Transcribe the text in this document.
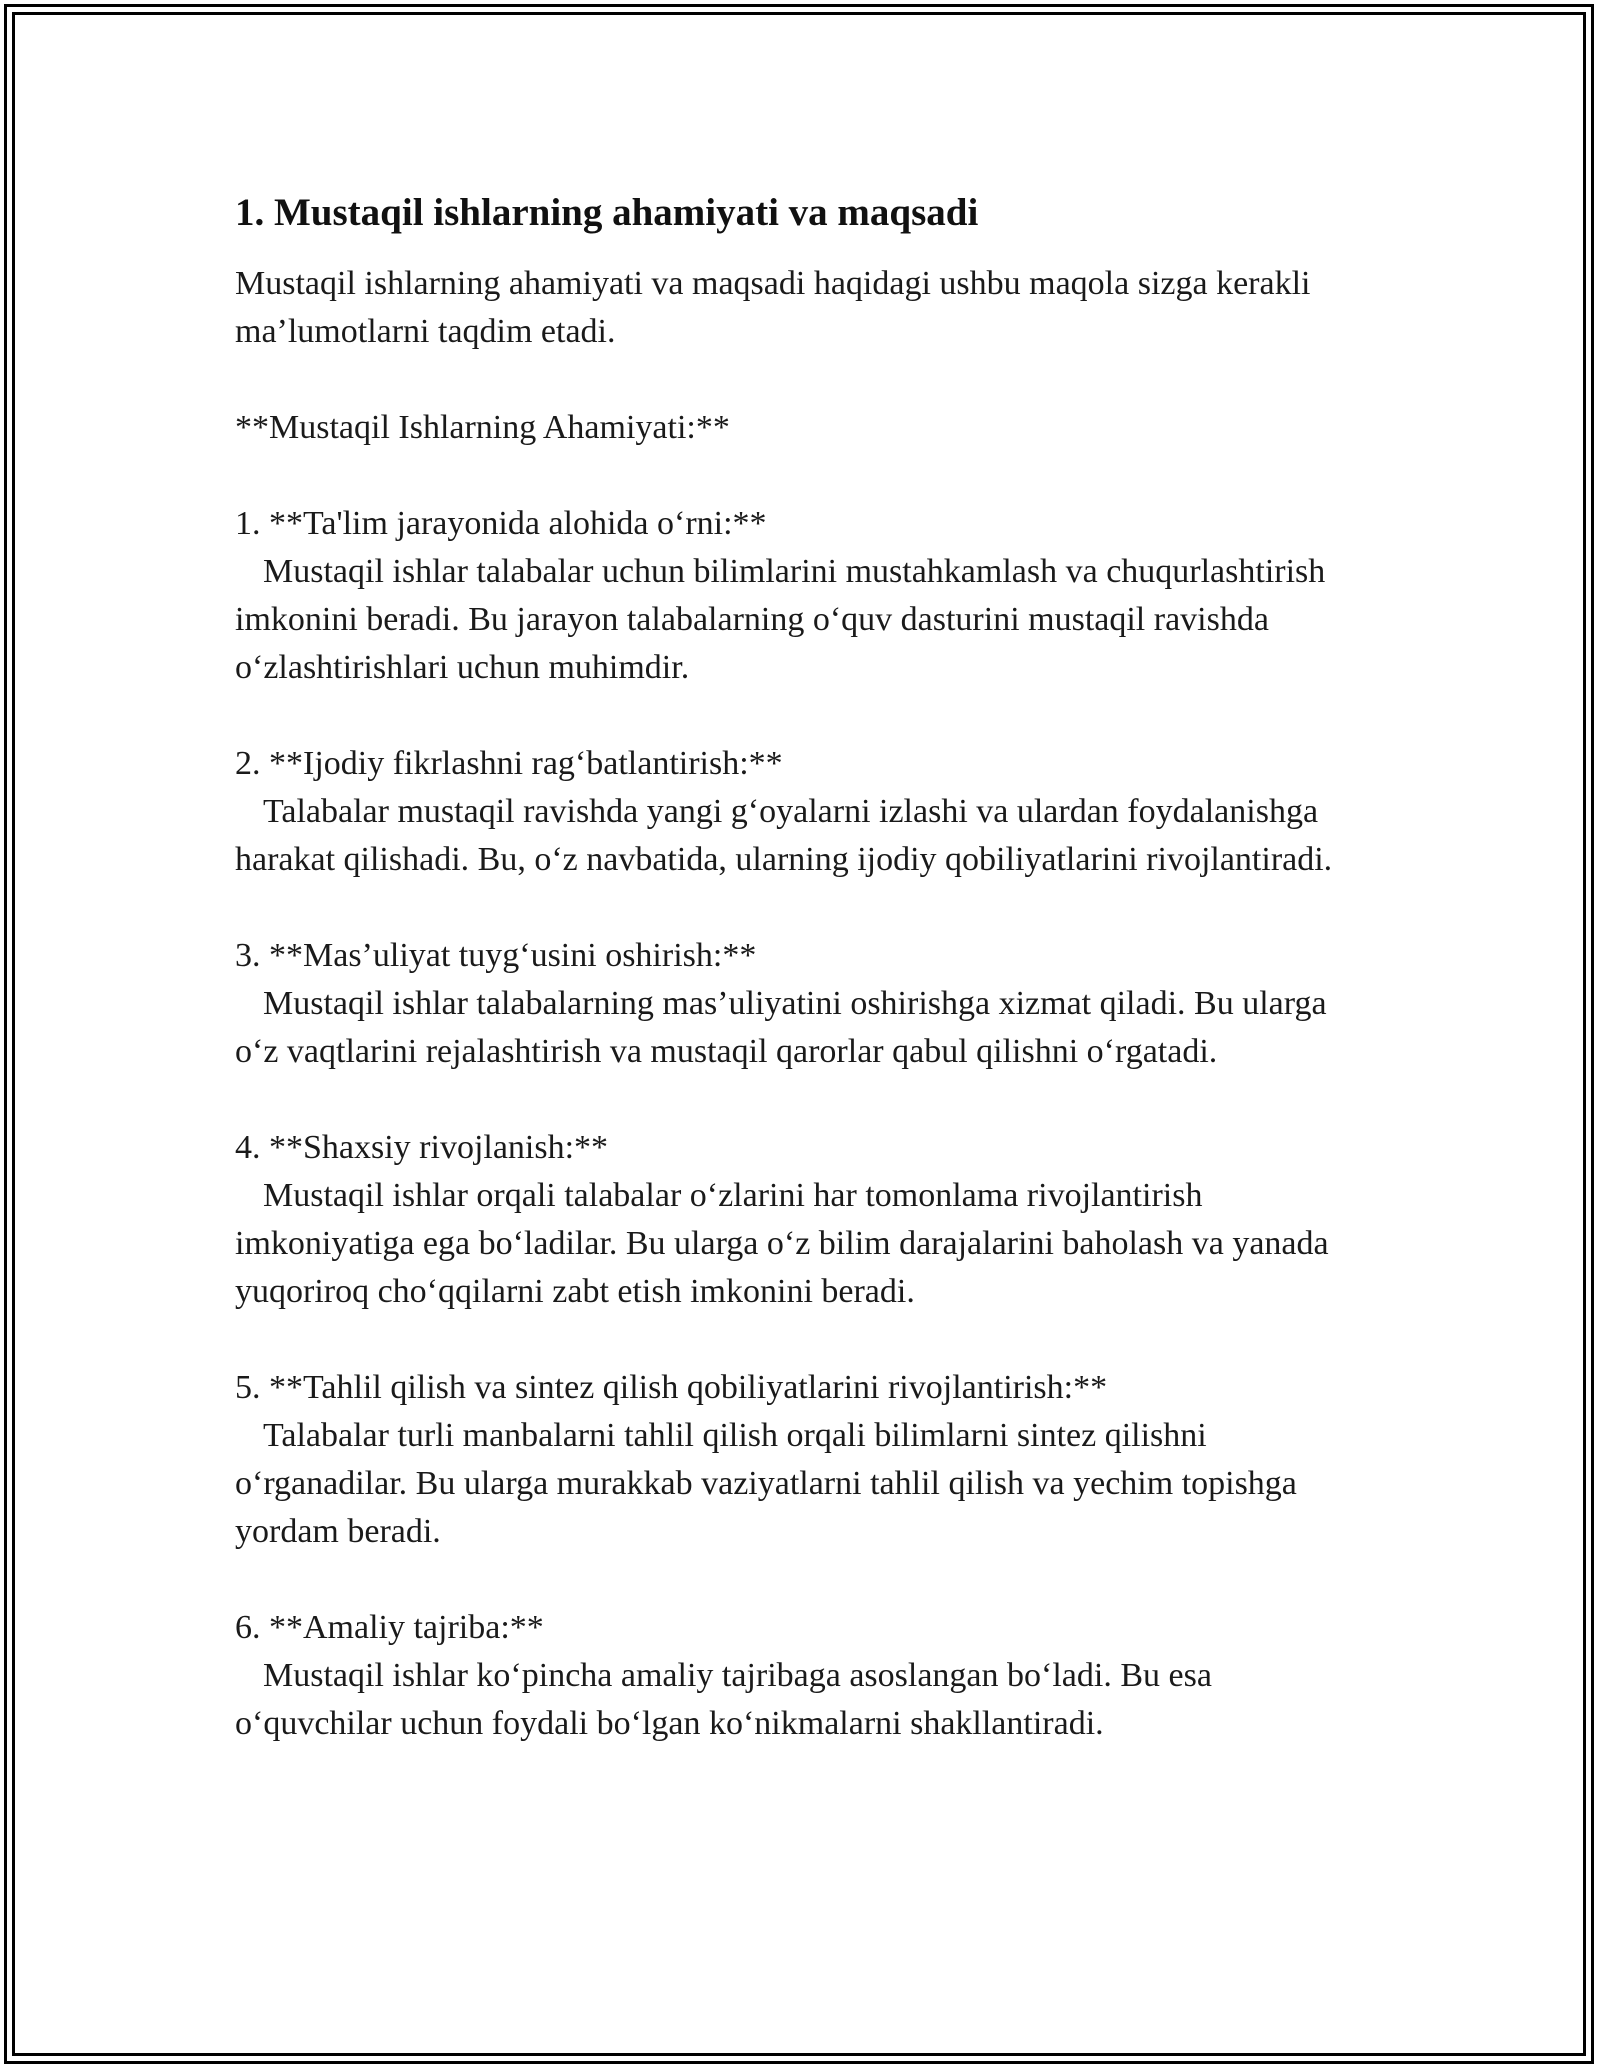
1. Mustaqil ishlarning ahamiyati va maqsadi

Mustaqil ishlarning ahamiyati va maqsadi haqidagi ushbu maqola sizga kerakli ma’lumotlarni taqdim etadi.

**Mustaqil Ishlarning Ahamiyati:**

1. **Ta'lim jarayonida alohida o‘rni:**

Mustaqil ishlar talabalar uchun bilimlarini mustahkamlash va chuqurlashtirish imkonini beradi. Bu jarayon talabalarning o‘quv dasturini mustaqil ravishda o‘zlashtirishlari uchun muhimdir.

2. **Ijodiy fikrlashni rag‘batlantirish:**

Talabalar mustaqil ravishda yangi g‘oyalarni izlashi va ulardan foydalanishga harakat qilishadi. Bu, o‘z navbatida, ularning ijodiy qobiliyatlarini rivojlantiradi.

3. **Mas’uliyat tuyg‘usini oshirish:**

Mustaqil ishlar talabalarning mas’uliyatini oshirishga xizmat qiladi. Bu ularga o‘z vaqtlarini rejalashtirish va mustaqil qarorlar qabul qilishni o‘rgatadi.

4. **Shaxsiy rivojlanish:**

Mustaqil ishlar orqali talabalar o‘zlarini har tomonlama rivojlantirish imkoniyatiga ega bo‘ladilar. Bu ularga o‘z bilim darajalarini baholash va yanada yuqoriroq cho‘qqilarni zabt etish imkonini beradi.

5. **Tahlil qilish va sintez qilish qobiliyatlarini rivojlantirish:**

Talabalar turli manbalarni tahlil qilish orqali bilimlarni sintez qilishni o‘rganadilar. Bu ularga murakkab vaziyatlarni tahlil qilish va yechim topishga yordam beradi.

6. **Amaliy tajriba:**

Mustaqil ishlar ko‘pincha amaliy tajribaga asoslangan bo‘ladi. Bu esa o‘quvchilar uchun foydali bo‘lgan ko‘nikmalarni shakllantiradi.
